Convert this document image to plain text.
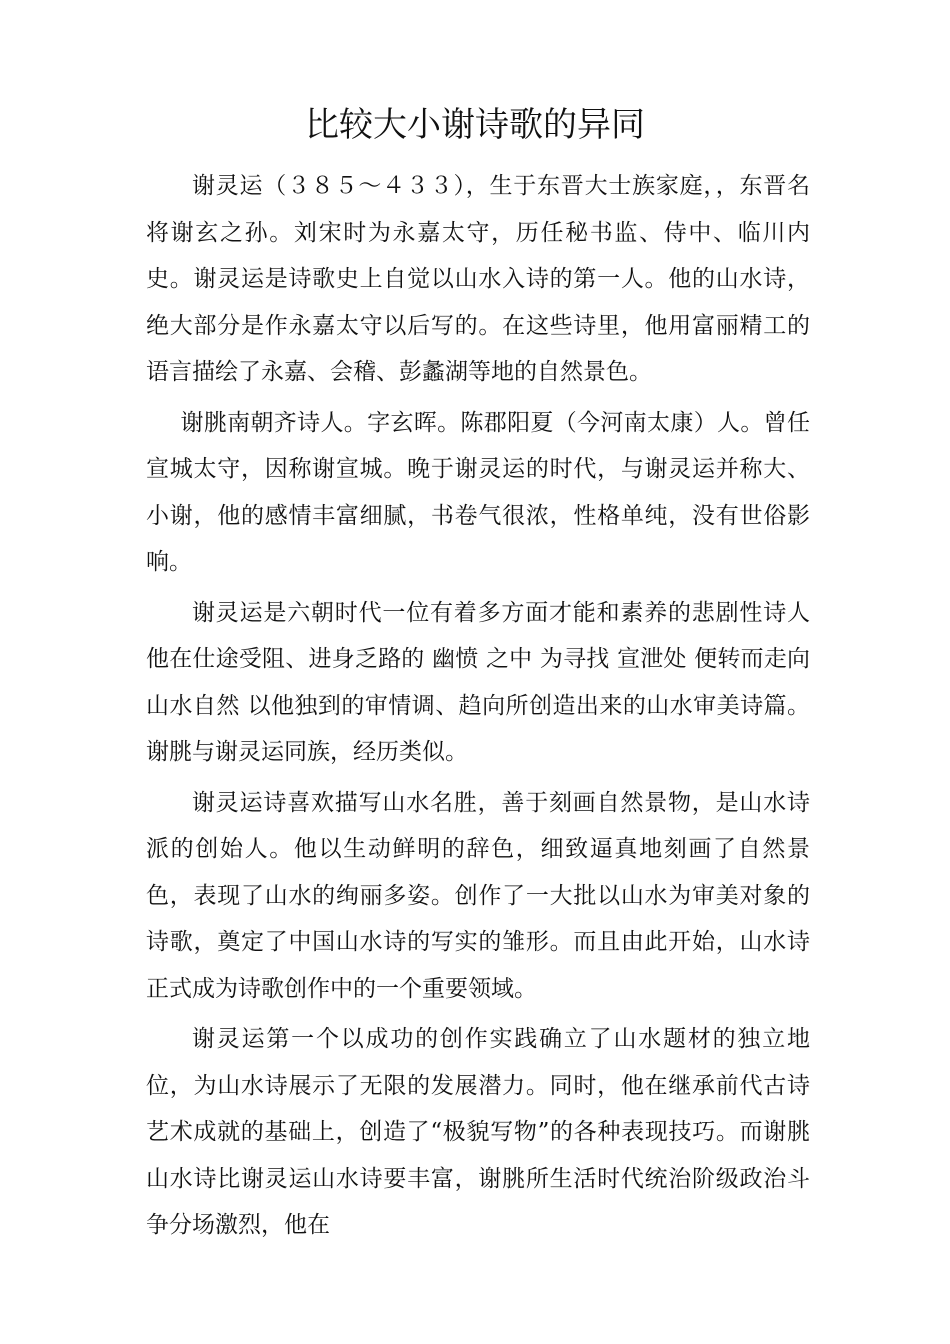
比较大小谢诗歌的异同

谢灵运（３８５～４３３），生于东晋大士族家庭，，东晋名将谢玄之孙。刘宋时为永嘉太守，历任秘书监、侍中、临川内史。谢灵运是诗歌史上自觉以山水入诗的第一人。他的山水诗，绝大部分是作永嘉太守以后写的。在这些诗里，他用富丽精工的语言描绘了永嘉、会稽、彭蠡湖等地的自然景色。

谢朓南朝齐诗人。字玄晖。陈郡阳夏（今河南太康）人。曾任宣城太守，因称谢宣城。晚于谢灵运的时代，与谢灵运并称大、小谢，他的感情丰富细腻，书卷气很浓，性格单纯，没有世俗影响。

谢灵运是六朝时代一位有着多方面才能和素养的悲剧性诗人 他在仕途受阻、进身乏路的 幽愤 之中 为寻找 宣泄处 便转而走向山水自然 以他独到的审情调、趋向所创造出来的山水审美诗篇。谢朓与谢灵运同族，经历类似。

谢灵运诗喜欢描写山水名胜，善于刻画自然景物，是山水诗派的创始人。他以生动鲜明的辞色，细致逼真地刻画了自然景色，表现了山水的绚丽多姿。创作了一大批以山水为审美对象的诗歌，奠定了中国山水诗的写实的雏形。而且由此开始，山水诗正式成为诗歌创作中的一个重要领域。

谢灵运第一个以成功的创作实践确立了山水题材的独立地位，为山水诗展示了无限的发展潜力。同时，他在继承前代古诗艺术成就的基础上，创造了“极貌写物”的各种表现技巧。而谢朓山水诗比谢灵运山水诗要丰富，谢朓所生活时代统治阶级政治斗争分场激烈，他在
